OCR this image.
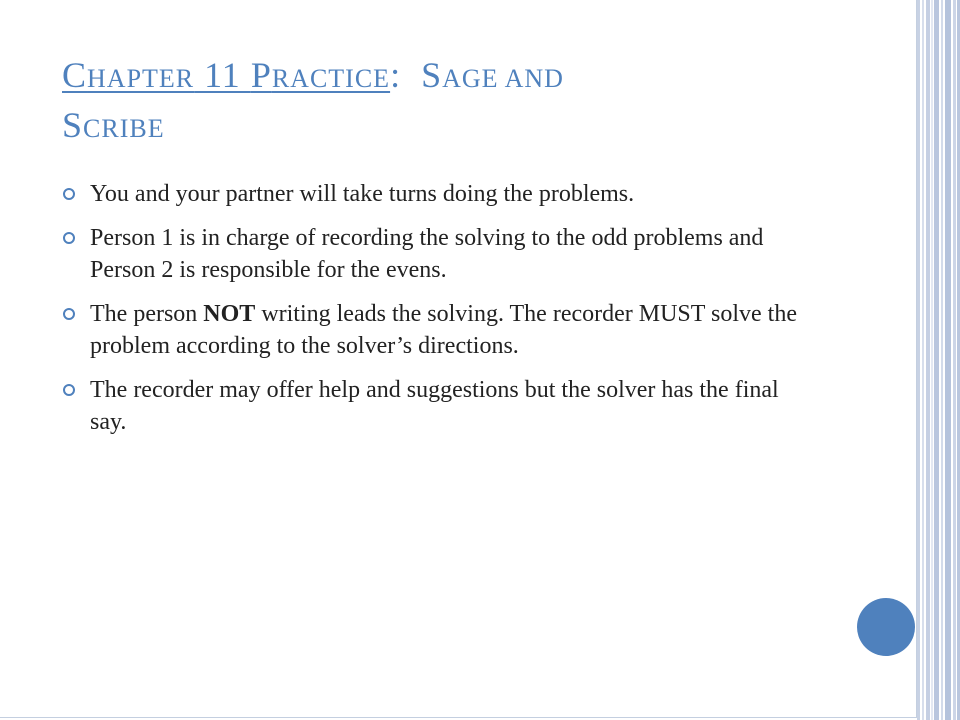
CHAPTER 11 PRACTICE: SAGE AND
SCRIBE
You and your partner will take turns doing the problems.
Person 1 is in charge of recording the solving to the odd problems and Person 2 is responsible for the evens.
The person NOT writing leads the solving. The recorder MUST solve the problem according to the solver’s directions.
The recorder may offer help and suggestions but the solver has the final say.
